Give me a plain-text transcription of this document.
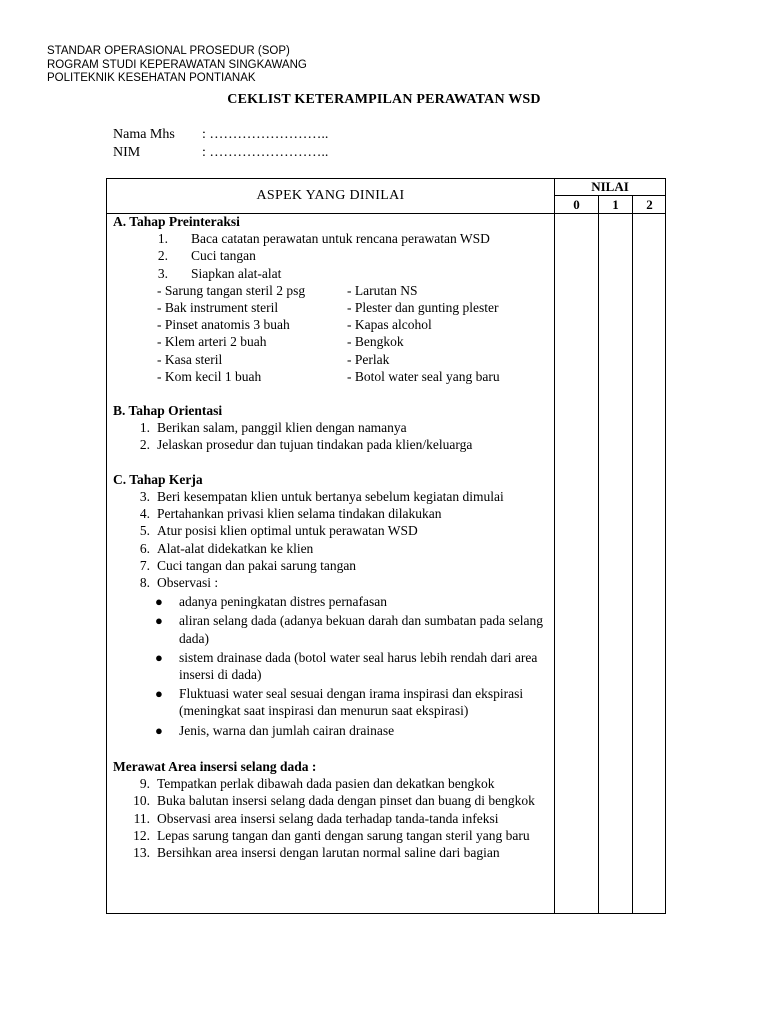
STANDAR OPERASIONAL PROSEDUR (SOP)
ROGRAM STUDI KEPERAWATAN SINGKAWANG
POLITEKNIK KESEHATAN PONTIANAK
CEKLIST KETERAMPILAN PERAWATAN WSD
Nama Mhs	: ……………………..
NIM	: ……………………..
ASPEK YANG DINILAI
NILAI
0	1	2
A. Tahap Preinteraksi
1. Baca catatan perawatan untuk rencana perawatan WSD
2. Cuci tangan
3. Siapkan alat-alat
- Sarung tangan steril 2 psg	- Larutan NS
- Bak instrument steril	- Plester dan gunting plester
- Pinset anatomis 3 buah	- Kapas alcohol
- Klem arteri 2 buah	- Bengkok
- Kasa steril	- Perlak
- Kom kecil 1 buah	- Botol water seal yang baru
B. Tahap Orientasi
1. Berikan salam, panggil klien dengan namanya
2. Jelaskan prosedur dan tujuan tindakan pada klien/keluarga
C. Tahap Kerja
3. Beri kesempatan klien untuk bertanya sebelum kegiatan dimulai
4. Pertahankan privasi klien selama tindakan dilakukan
5. Atur posisi klien optimal untuk perawatan WSD
6. Alat-alat didekatkan ke klien
7. Cuci tangan dan pakai sarung tangan
8. Observasi :
●	adanya peningkatan distres pernafasan
●	aliran selang dada (adanya bekuan darah dan sumbatan pada selang dada)
●	sistem drainase dada (botol water seal harus lebih rendah dari area insersi di dada)
●	Fluktuasi water seal sesuai dengan irama inspirasi dan ekspirasi (meningkat saat inspirasi dan menurun saat ekspirasi)
●	Jenis, warna dan jumlah cairan drainase
Merawat Area insersi selang dada :
9. Tempatkan perlak dibawah dada pasien dan dekatkan bengkok
10. Buka balutan insersi selang dada dengan pinset dan buang di bengkok
11. Observasi area insersi selang dada terhadap tanda-tanda infeksi
12. Lepas sarung tangan dan ganti dengan sarung tangan steril yang baru
13. Bersihkan area insersi dengan larutan normal saline dari bagian
